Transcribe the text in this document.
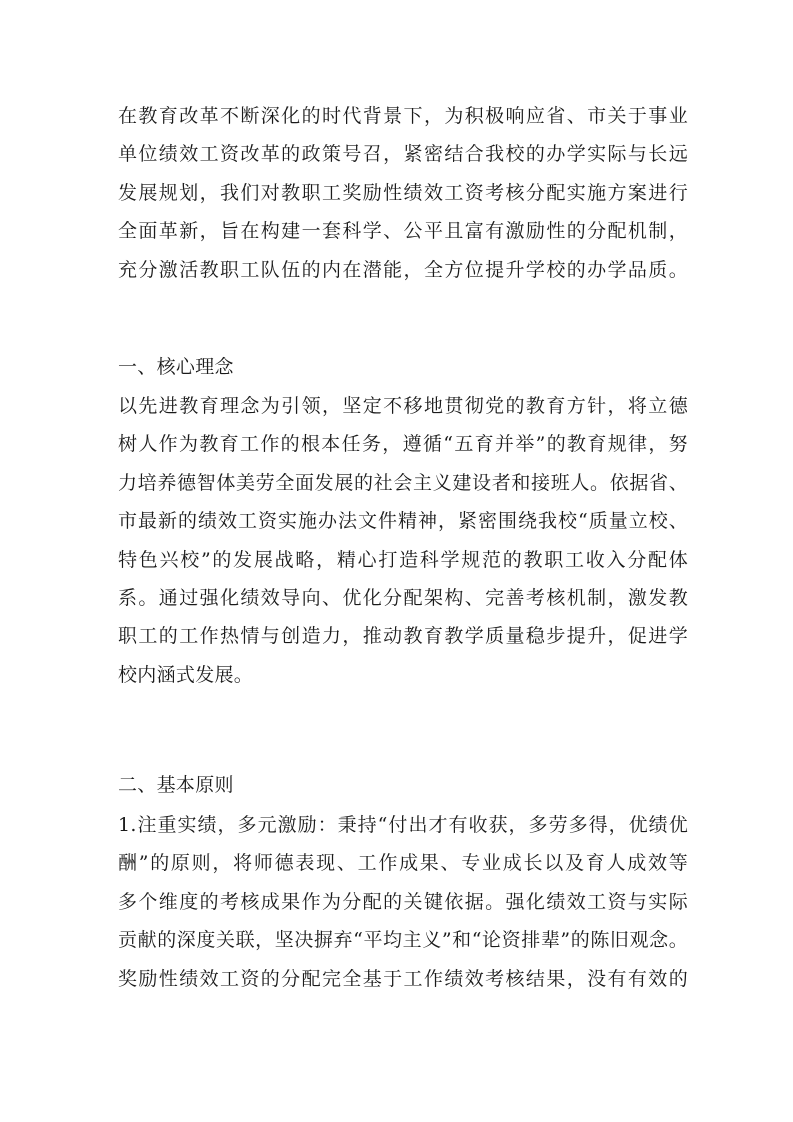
在教育改革不断深化的时代背景下，为积极响应省、市关于事业
单位绩效工资改革的政策号召，紧密结合我校的办学实际与长远
发展规划，我们对教职工奖励性绩效工资考核分配实施方案进行
全面革新，旨在构建一套科学、公平且富有激励性的分配机制，
充分激活教职工队伍的内在潜能，全方位提升学校的办学品质。
一、核心理念
以先进教育理念为引领，坚定不移地贯彻党的教育方针，将立德
树人作为教育工作的根本任务，遵循“五育并举”的教育规律，努
力培养德智体美劳全面发展的社会主义建设者和接班人。依据省、
市最新的绩效工资实施办法文件精神，紧密围绕我校“质量立校、
特色兴校”的发展战略，精心打造科学规范的教职工收入分配体
系。通过强化绩效导向、优化分配架构、完善考核机制，激发教
职工的工作热情与创造力，推动教育教学质量稳步提升，促进学
校内涵式发展。
二、基本原则
1.注重实绩，多元激励：秉持“付出才有收获，多劳多得，优绩优
酬”的原则，将师德表现、工作成果、专业成长以及育人成效等
多个维度的考核成果作为分配的关键依据。强化绩效工资与实际
贡献的深度关联，坚决摒弃“平均主义”和“论资排辈”的陈旧观念。
奖励性绩效工资的分配完全基于工作绩效考核结果，没有有效的
